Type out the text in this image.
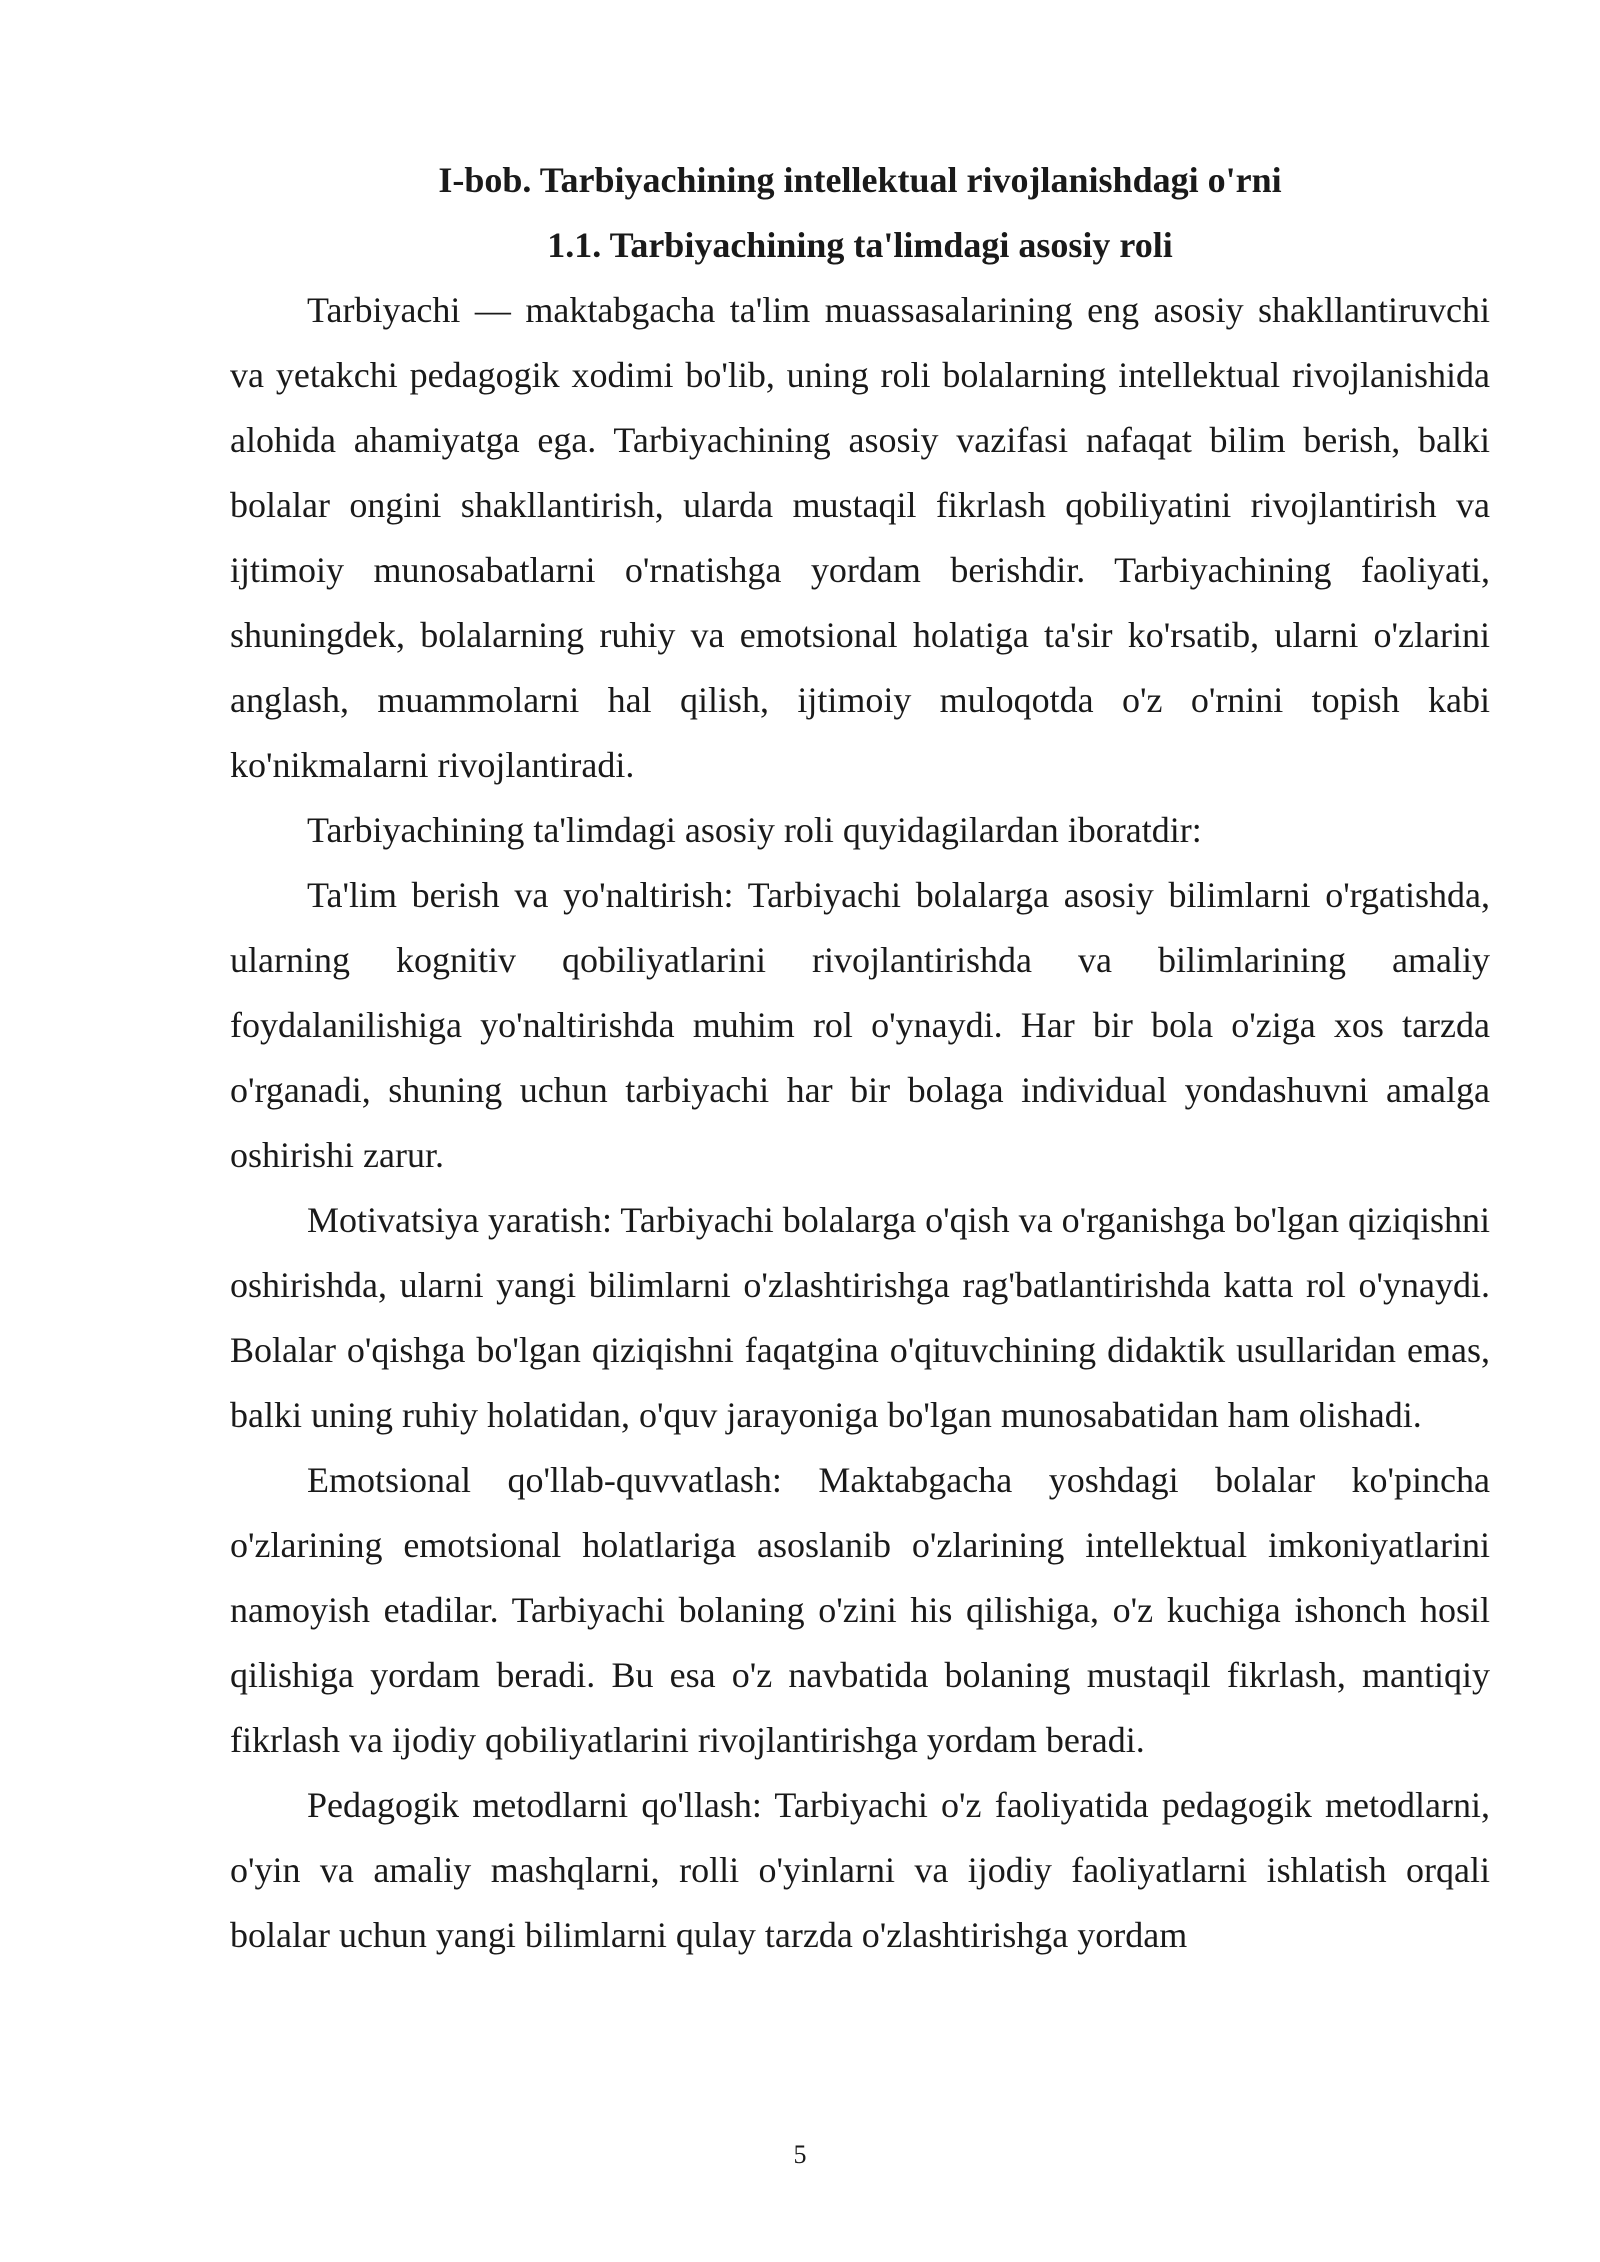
I-bob. Tarbiyachining intellektual rivojlanishdagi o'rni
1.1. Tarbiyachining ta'limdagi asosiy roli

Tarbiyachi — maktabgacha ta'lim muassasalarining eng asosiy shakllantiruvchi va yetakchi pedagogik xodimi bo'lib, uning roli bolalarning intellektual rivojlanishida alohida ahamiyatga ega. Tarbiyachining asosiy vazifasi nafaqat bilim berish, balki bolalar ongini shakllantirish, ularda mustaqil fikrlash qobiliyatini rivojlantirish va ijtimoiy munosabatlarni o'rnatishga yordam berishdir. Tarbiyachining faoliyati, shuningdek, bolalarning ruhiy va emotsional holatiga ta'sir ko'rsatib, ularni o'zlarini anglash, muammolarni hal qilish, ijtimoiy muloqotda o'z o'rnini topish kabi ko'nikmalarni rivojlantiradi.

Tarbiyachining ta'limdagi asosiy roli quyidagilardan iboratdir:

Ta'lim berish va yo'naltirish: Tarbiyachi bolalarga asosiy bilimlarni o'rgatishda, ularning kognitiv qobiliyatlarini rivojlantirishda va bilimlarining amaliy foydalanilishiga yo'naltirishda muhim rol o'ynaydi. Har bir bola o'ziga xos tarzda o'rganadi, shuning uchun tarbiyachi har bir bolaga individual yondashuvni amalga oshirishi zarur.

Motivatsiya yaratish: Tarbiyachi bolalarga o'qish va o'rganishga bo'lgan qiziqishni oshirishda, ularni yangi bilimlarni o'zlashtirishga rag'batlantirishda katta rol o'ynaydi. Bolalar o'qishga bo'lgan qiziqishni faqatgina o'qituvchining didaktik usullaridan emas, balki uning ruhiy holatidan, o'quv jarayoniga bo'lgan munosabatidan ham olishadi.

Emotsional qo'llab-quvvatlash: Maktabgacha yoshdagi bolalar ko'pincha o'zlarining emotsional holatlariga asoslanib o'zlarining intellektual imkoniyatlarini namoyish etadilar. Tarbiyachi bolaning o'zini his qilishiga, o'z kuchiga ishonch hosil qilishiga yordam beradi. Bu esa o'z navbatida bolaning mustaqil fikrlash, mantiqiy fikrlash va ijodiy qobiliyatlarini rivojlantirishga yordam beradi.

Pedagogik metodlarni qo'llash: Tarbiyachi o'z faoliyatida pedagogik metodlarni, o'yin va amaliy mashqlarni, rolli o'yinlarni va ijodiy faoliyatlarni ishlatish orqali bolalar uchun yangi bilimlarni qulay tarzda o'zlashtirishga yordam

5
